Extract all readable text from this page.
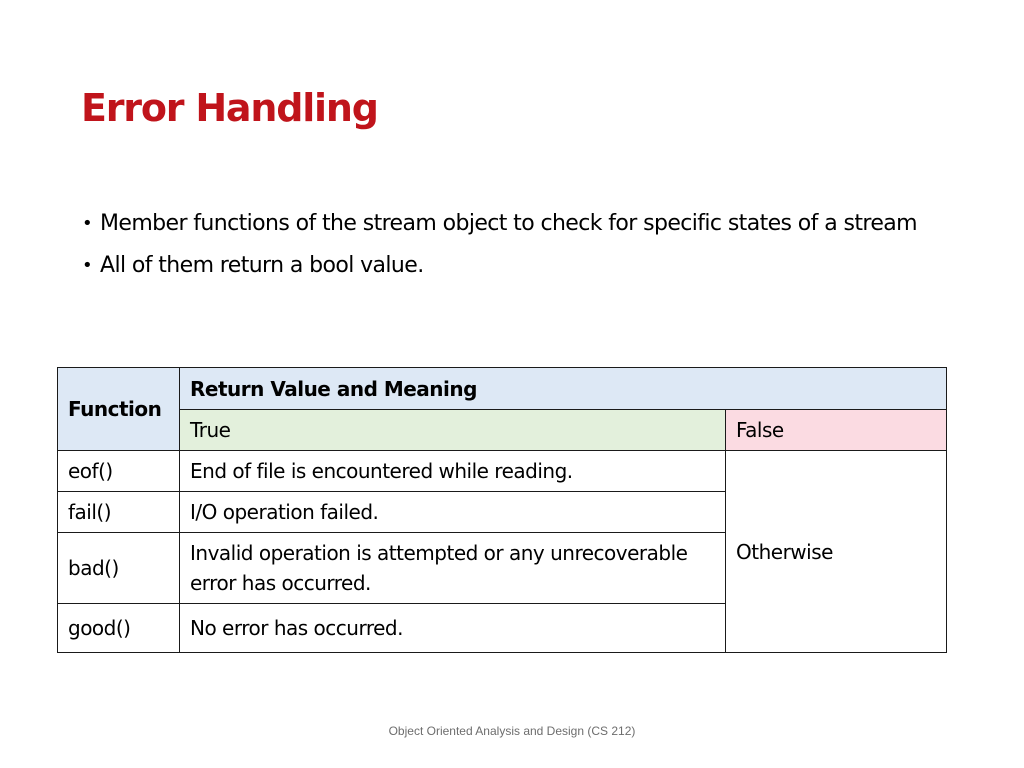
Error Handling
• Member functions of the stream object to check for specific states of a stream
• All of them return a bool value.
Function	Return Value and Meaning	
	True	False
eof()	End of file is encountered while reading.	Otherwise
fail()	I/O operation failed.	
bad()	Invalid operation is attempted or any unrecoverable error has occurred.	
good()	No error has occurred.	
Object Oriented Analysis and Design (CS 212)
